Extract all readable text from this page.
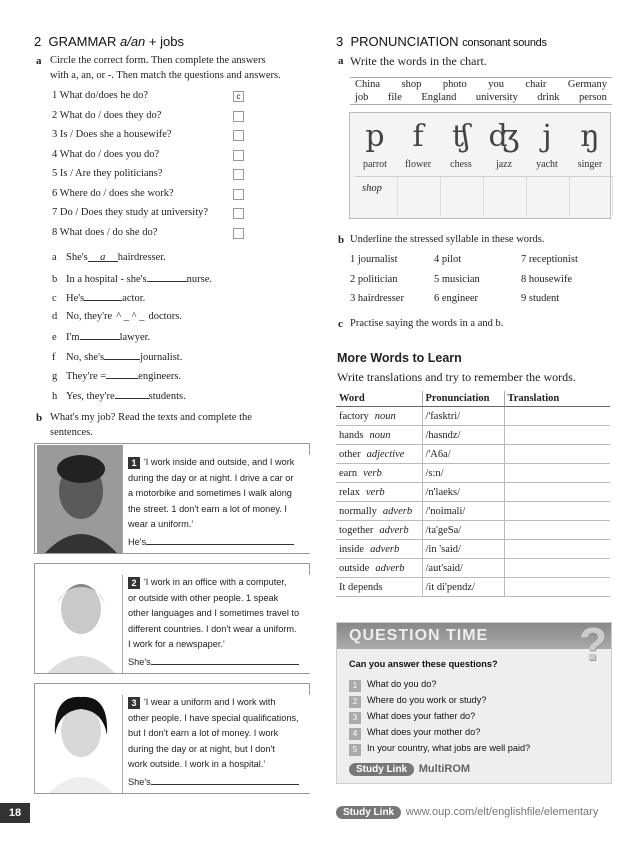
2 GRAMMAR a/an + jobs
a Circle the correct form. Then complete the answers
with a, an, or -. Then match the questions and answers.
1 What do/does he do?	c
2 What do / does they do?
3 Is / Does she a housewife?
4 What do / does you do?
5 Is / Are they politicians?
6 Where do / does she work?
7 Do / Does they study at university?
8 What does / do she do?
a She's a hairdresser.
b In a hospital - she's	nurse.
c He's	actor.
d No, they're ^ _ ^ _ doctors.
e I'm	lawyer.
f No, she's	journalist.
g They're =	engineers.
h Yes, they're	students.
b What's my job? Read the texts and complete the
sentences.
1 'I work inside and outside, and I work
during the day or at night. I drive a car or
a motorbike and sometimes I walk along
the street. 1 don't earn a lot of money. I
wear a uniform.'
He's
2 'I work in an office with a computer,
or outside with other people. 1 speak
other languages and I sometimes travel to
different countries. I don't wear a uniform.
I work for a newspaper.'
She's
3 'I wear a uniform and I work with
other people. I have special qualifications,
but I don't earn a lot of money. I work
during the day or at night, but I don't
work outside. I work in a hospital.'
She's
3 PRONUNCIATION consonant sounds
a Write the words in the chart.
China shop photo you chair Germany
job file England university drink person
shop
p
parrot
f
flower
ʧ
chess
ʤ
jazz
j
yacht
ŋ
singer
b Underline the stressed syllable in these words.
1 journalist	4 pilot	7 receptionist
2 politician	5 musician	8 housewife
3 hairdresser	6 engineer	9 student
c Practise saying the words in a and b.
More Words to Learn
Write translations and try to remember the words.
Word	Pronunciation	Translation
factory noun	/'fasktri/	
hands noun	/hasndz/	
other adjective	/'A6a/	
earn verb	/s:n/	
relax verb	/n'laeks/	
normally adverb	/'noimali/	
together adverb	/ta'geSa/	
inside adverb	/in 'said/	
outside adverb	/aut'said/	
It depends	/it di'pendz/	
QUESTION TIME ?
Can you answer these questions?
1 What do you do?
2 Where do you work or study?
3 What does your father do?
4 What does your mother do?
5 In your country, what jobs are well paid?
Study Link MultiROM
18	Study Link www.oup.com/elt/englishfile/elementary
